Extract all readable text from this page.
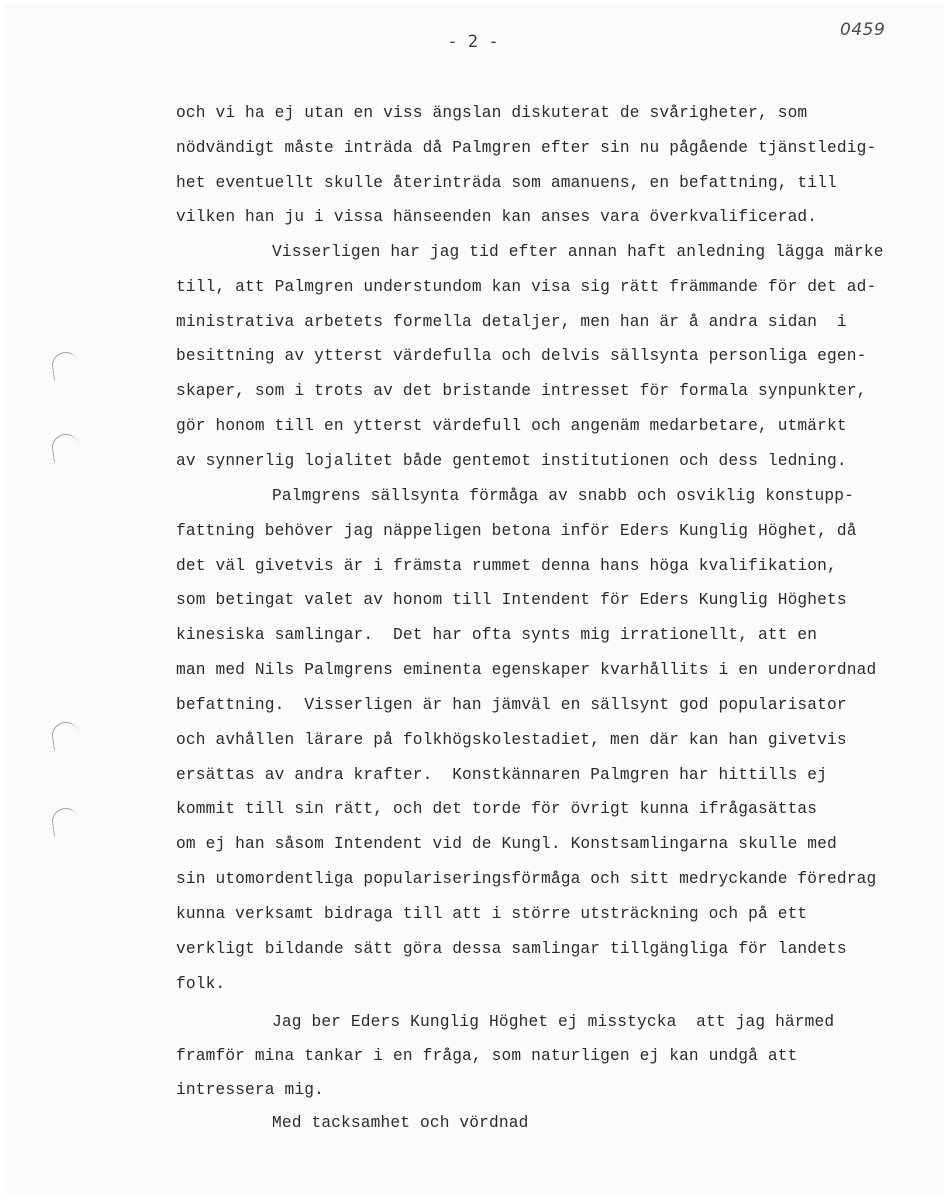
0459
- 2 -
och vi ha ej utan en viss ängslan diskuterat de svårigheter, som
nödvändigt måste inträda då Palmgren efter sin nu pågående tjänstledig-
het eventuellt skulle återinträda som amanuens, en befattning, till
vilken han ju i vissa hänseenden kan anses vara överkvalificerad.
Visserligen har jag tid efter annan haft anledning lägga märke
till, att Palmgren understundom kan visa sig rätt främmande för det ad-
ministrativa arbetets formella detaljer, men han är å andra sidan  i
besittning av ytterst värdefulla och delvis sällsynta personliga egen-
skaper, som i trots av det bristande intresset för formala synpunkter,
gör honom till en ytterst värdefull och angenäm medarbetare, utmärkt
av synnerlig lojalitet både gentemot institutionen och dess ledning.
Palmgrens sällsynta förmåga av snabb och osviklig konstupp-
fattning behöver jag näppeligen betona inför Eders Kunglig Höghet, då
det väl givetvis är i främsta rummet denna hans höga kvalifikation,
som betingat valet av honom till Intendent för Eders Kunglig Höghets
kinesiska samlingar.  Det har ofta synts mig irrationellt, att en
man med Nils Palmgrens eminenta egenskaper kvarhållits i en underordnad
befattning.  Visserligen är han jämväl en sällsynt god popularisator
och avhållen lärare på folkhögskolestadiet, men där kan han givetvis
ersättas av andra krafter.  Konstkännaren Palmgren har hittills ej
kommit till sin rätt, och det torde för övrigt kunna ifrågasättas
om ej han såsom Intendent vid de Kungl. Konstsamlingarna skulle med
sin utomordentliga populariseringsförmåga och sitt medryckande föredrag
kunna verksamt bidraga till att i större utsträckning och på ett
verkligt bildande sätt göra dessa samlingar tillgängliga för landets
folk.
Jag ber Eders Kunglig Höghet ej misstycka  att jag härmed
framför mina tankar i en fråga, som naturligen ej kan undgå att
intressera mig.
Med tacksamhet och vördnad
